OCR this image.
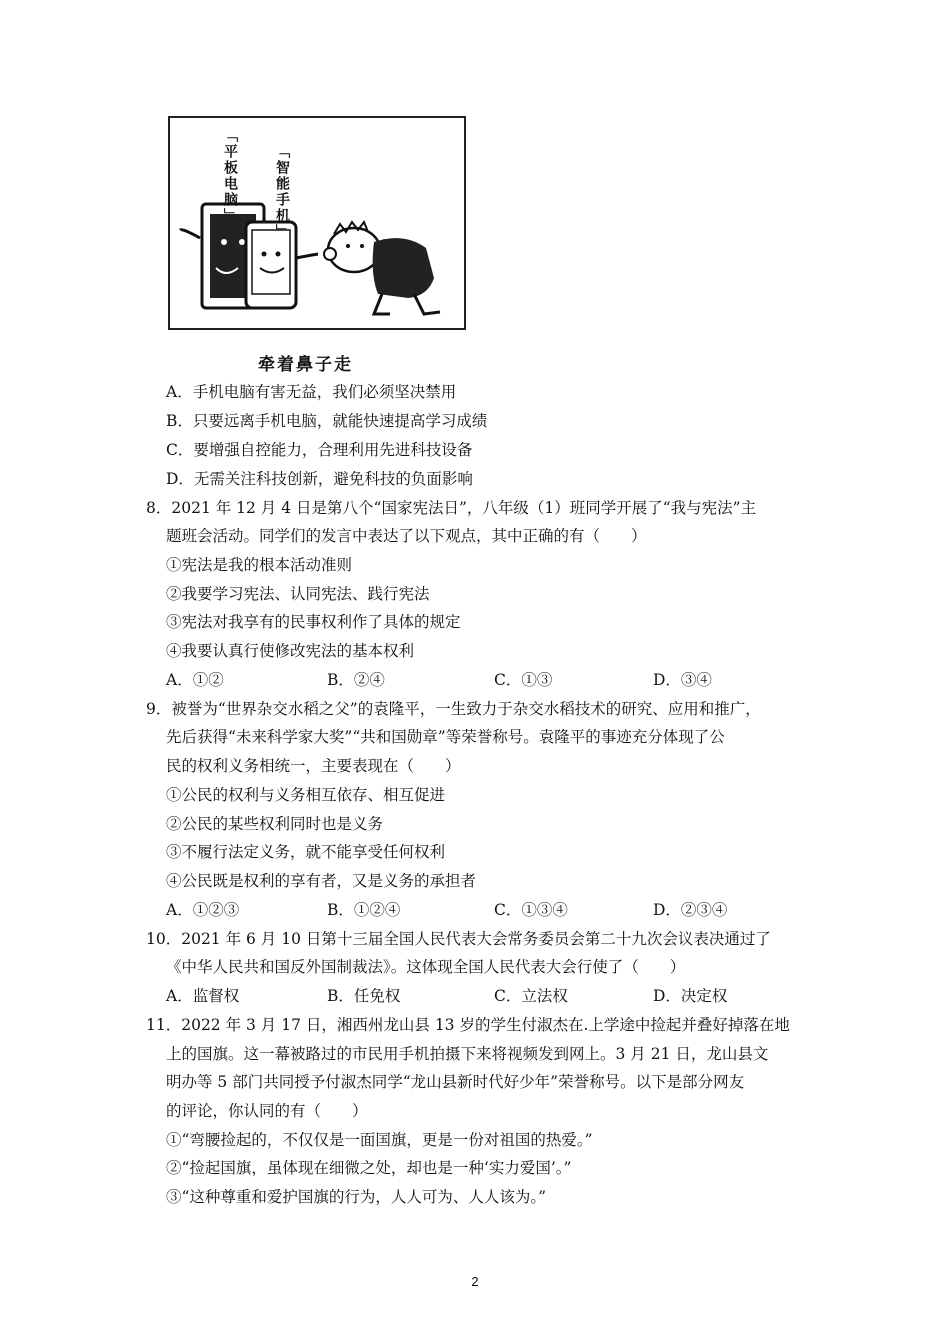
「平板电脑」	「智能手机」
牵着鼻子走
A．手机电脑有害无益，我们必须坚决禁用
B．只要远离手机电脑，就能快速提高学习成绩
C．要增强自控能力，合理利用先进科技设备
D．无需关注科技创新，避免科技的负面影响
8．2021 年 12 月 4 日是第八个“国家宪法日”，八年级（1）班同学开展了“我与宪法”主
题班会活动。同学们的发言中表达了以下观点，其中正确的有（　　）
①宪法是我的根本活动准则
②我要学习宪法、认同宪法、践行宪法
③宪法对我享有的民事权利作了具体的规定
④我要认真行使修改宪法的基本权利
A．①②	B．②④	C．①③	D．③④
9．被誉为“世界杂交水稻之父”的袁隆平，一生致力于杂交水稻技术的研究、应用和推广，
先后获得“未来科学家大奖”“共和国勋章”等荣誉称号。袁隆平的事迹充分体现了公
民的权利义务相统一，主要表现在（　　）
①公民的权利与义务相互依存、相互促进
②公民的某些权利同时也是义务
③不履行法定义务，就不能享受任何权利
④公民既是权利的享有者，又是义务的承担者
A．①②③	B．①②④	C．①③④	D．②③④
10．2021 年 6 月 10 日第十三届全国人民代表大会常务委员会第二十九次会议表决通过了
《中华人民共和国反外国制裁法》。这体现全国人民代表大会行使了（　　）
A．监督权	B．任免权	C．立法权	D．决定权
11．2022 年 3 月 17 日，湘西州龙山县 13 岁的学生付淑杰在.上学途中捡起并叠好掉落在地
上的国旗。这一幕被路过的市民用手机拍摄下来将视频发到网上。3 月 21 日，龙山县文
明办等 5 部门共同授予付淑杰同学“龙山县新时代好少年”荣誉称号。以下是部分网友
的评论，你认同的有（　　）
①“弯腰捡起的，不仅仅是一面国旗，更是一份对祖国的热爱。”
②“捡起国旗，虽体现在细微之处，却也是一种‘实力爱国’。”
③“这种尊重和爱护国旗的行为，人人可为、人人该为。”
2
